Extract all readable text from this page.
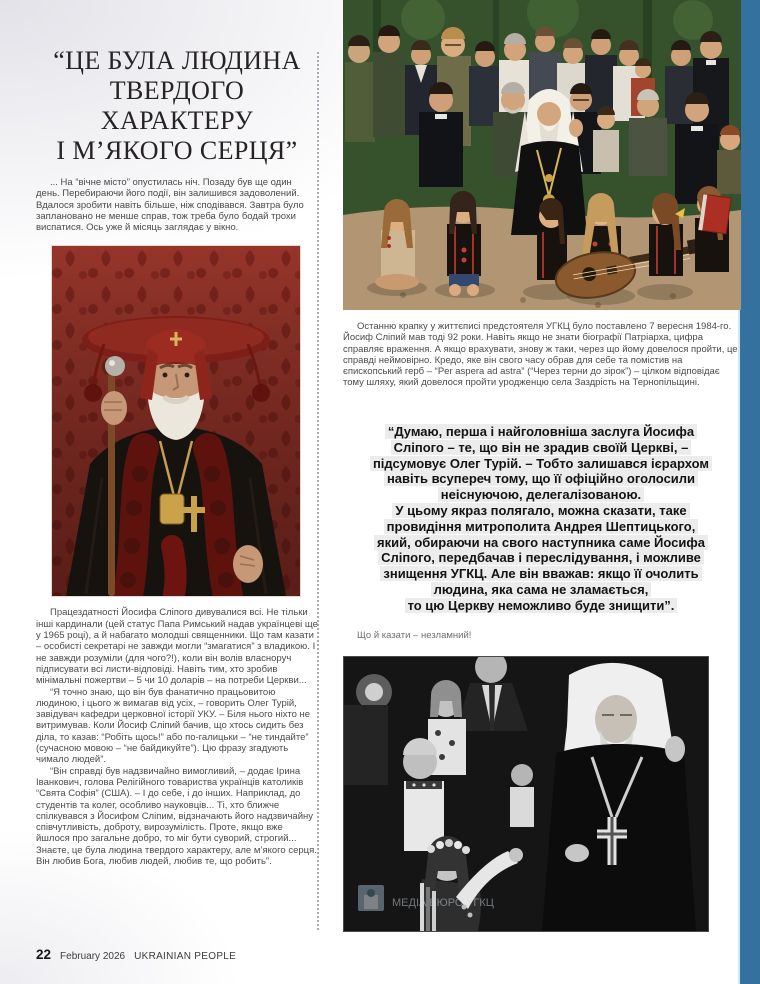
“ЦЕ БУЛА ЛЮДИНА
ТВЕРДОГО
ХАРАКТЕРУ
І М’ЯКОГО СЕРЦЯ”

... На “вічне місто” опустилась ніч. Позаду був ще один день. Перебираючи його події, він залишився задоволений. Вдалося зробити навіть більше, ніж сподівався. Завтра було заплановано не менше справ, тож треба було бодай трохи виспатися. Ось уже й місяць заглядає у вікно.

Працездатності Йосифа Сліпого дивувалися всі. Не тільки інші кардинали (цей статус Папа Римський надав українцеві ще у 1965 році), а й набагато молодші священники. Що там казати – особисті секретарі не завжди могли “змагатися” з владикою. І не завжди розуміли (для чого?!), коли він волів власноруч підписувати всі листи-відповіді. Навіть тим, хто зробив мінімальні пожертви – 5 чи 10 доларів – на потреби Церкви...

“Я точно знаю, що він був фанатично працьовитою людиною, і цього ж вимагав від усіх, – говорить Олег Турій, завідувач кафедри церковної історії УКУ. – Біля нього ніхто не витримував. Коли Йосиф Сліпий бачив, що хтось сидить без діла, то казав: “Робіть щось!” або по-галицьки – “не тиндайте” (сучасною мовою – “не байдикуйте”). Цю фразу згадують чимало людей”.

“Він справді був надзвичайно вимогливий, – додає Ірина Іванкович, голова Релігійного товариства українців католиків “Свята Софія” (США). – І до себе, і до інших. Наприклад, до студентів та колег, особливо науковців... Ті, хто ближче спілкувався з Йосифом Сліпим, відзначають його надзвичайну співчутливість, доброту, вирозумілість. Проте, якщо вже йшлося про загальне добро, то міг бути суворий, строгий... Знаєте, це була людина твердого характеру, але м’якого серця. Він любив Бога, любив людей, любив те, що робить”.

Останню крапку у життєписі предстоятеля УГКЦ було поставлено 7 вересня 1984-го. Йосиф Сліпий мав тоді 92 роки. Навіть якщо не знати біографії Патріарха, цифра справляє враження. А якщо врахувати, знову ж таки, через що йому довелося пройти, це справді неймовірно. Кредо, яке він свого часу обрав для себе та помістив на єпископський герб – “Per aspera ad astra” (“Через терни до зірок”) – цілком відповідає тому шляху, який довелося пройти уродженцю села Заздрість на Тернопільщині.

“Думаю, перша і найголовніша заслуга Йосифа
Сліпого – те, що він не зрадив своїй Церкві, –
підсумовує Олег Турій. – Тобто залишався ієрархом
навіть всупереч тому, що її офіційно оголосили
неіснуючою, делегалізованою.
У цьому якраз полягало, можна сказати, таке
провидіння митрополита Андрея Шептицького,
який, обираючи на свого наступника саме Йосифа
Сліпого, передбачав і переслідування, і можливе
знищення УГКЦ. Але він вважав: якщо її очолить
людина, яка сама не зламається,
то цю Церкву неможливо буде знищити”.

Що й казати – незламний!

МЕДІА БЮРО УГКЦ
22 February 2026 UKRAINIAN PEOPLE
